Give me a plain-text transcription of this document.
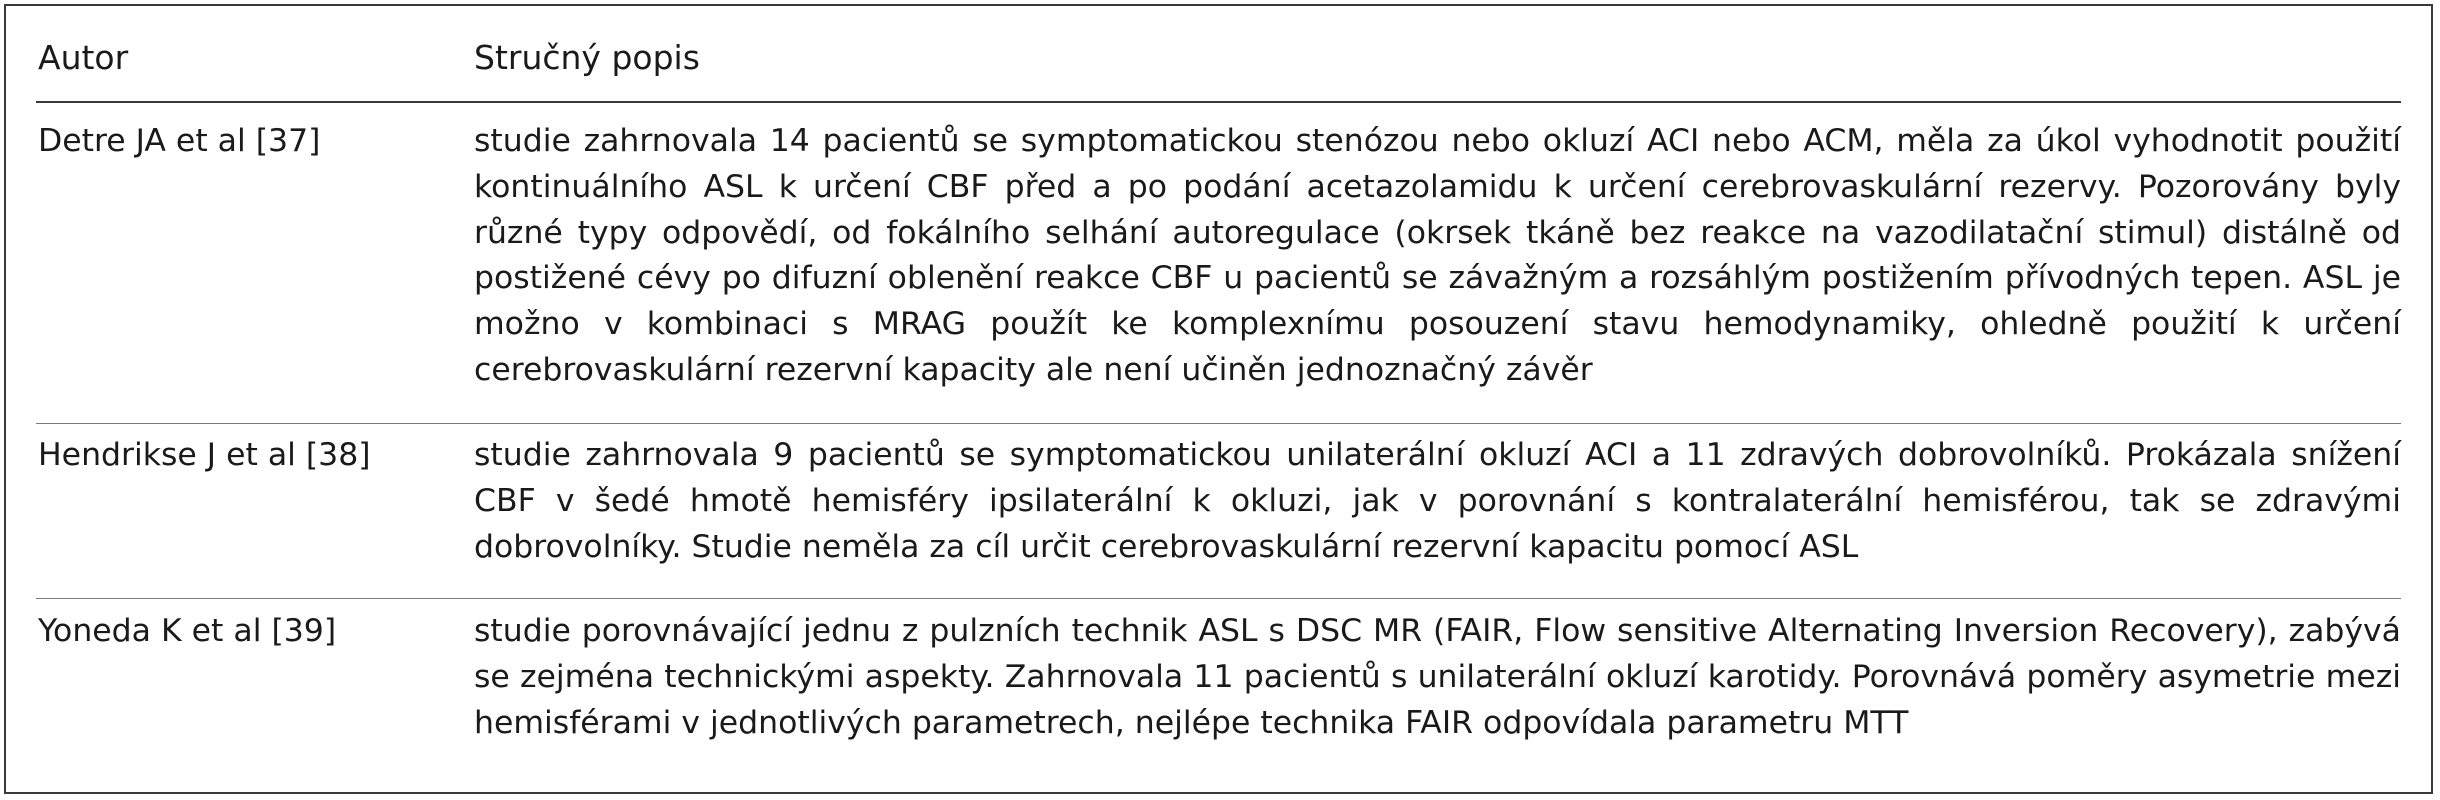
Autor	Stručný popis
Detre JA et al [37]	studie zahrnovala 14 pacientů se symptomatickou stenózou nebo okluzí ACI nebo ACM, měla za úkol vyhodnotit použití kontinuálního ASL k určení CBF před a po podání acetazolamidu k určení cerebrovaskulární rezervy. Pozorovány byly různé typy odpovědí, od fokálního selhání autoregulace (okrsek tkáně bez reakce na vazodilatační stimul) distálně od postižené cévy po difuzní oblenění reakce CBF u pacientů se závažným a rozsáhlým postižením přívodných tepen. ASL je možno v kombinaci s MRAG použít ke komplexnímu posouzení stavu hemodynamiky, ohledně použití k určení cerebrovaskulární rezervní kapacity ale není učiněn jednoznačný závěr
Hendrikse J et al [38]	studie zahrnovala 9 pacientů se symptomatickou unilaterální okluzí ACI a 11 zdravých dobrovolníků. Prokázala snížení CBF v šedé hmotě hemisféry ipsilaterální k okluzi, jak v porovnání s kontralaterální hemisférou, tak se zdravými dobrovolníky. Studie neměla za cíl určit cerebrovaskulární rezervní kapacitu pomocí ASL
Yoneda K et al [39]	studie porovnávající jednu z pulzních technik ASL s DSC MR (FAIR, Flow sensitive Alternating Inversion Recovery), zabývá se zejména technickými aspekty. Zahrnovala 11 pacientů s unilaterální okluzí karotidy. Porovnává poměry asymetrie mezi hemisférami v jednotlivých parametrech, nejlépe technika FAIR odpovídala parametru MTT
